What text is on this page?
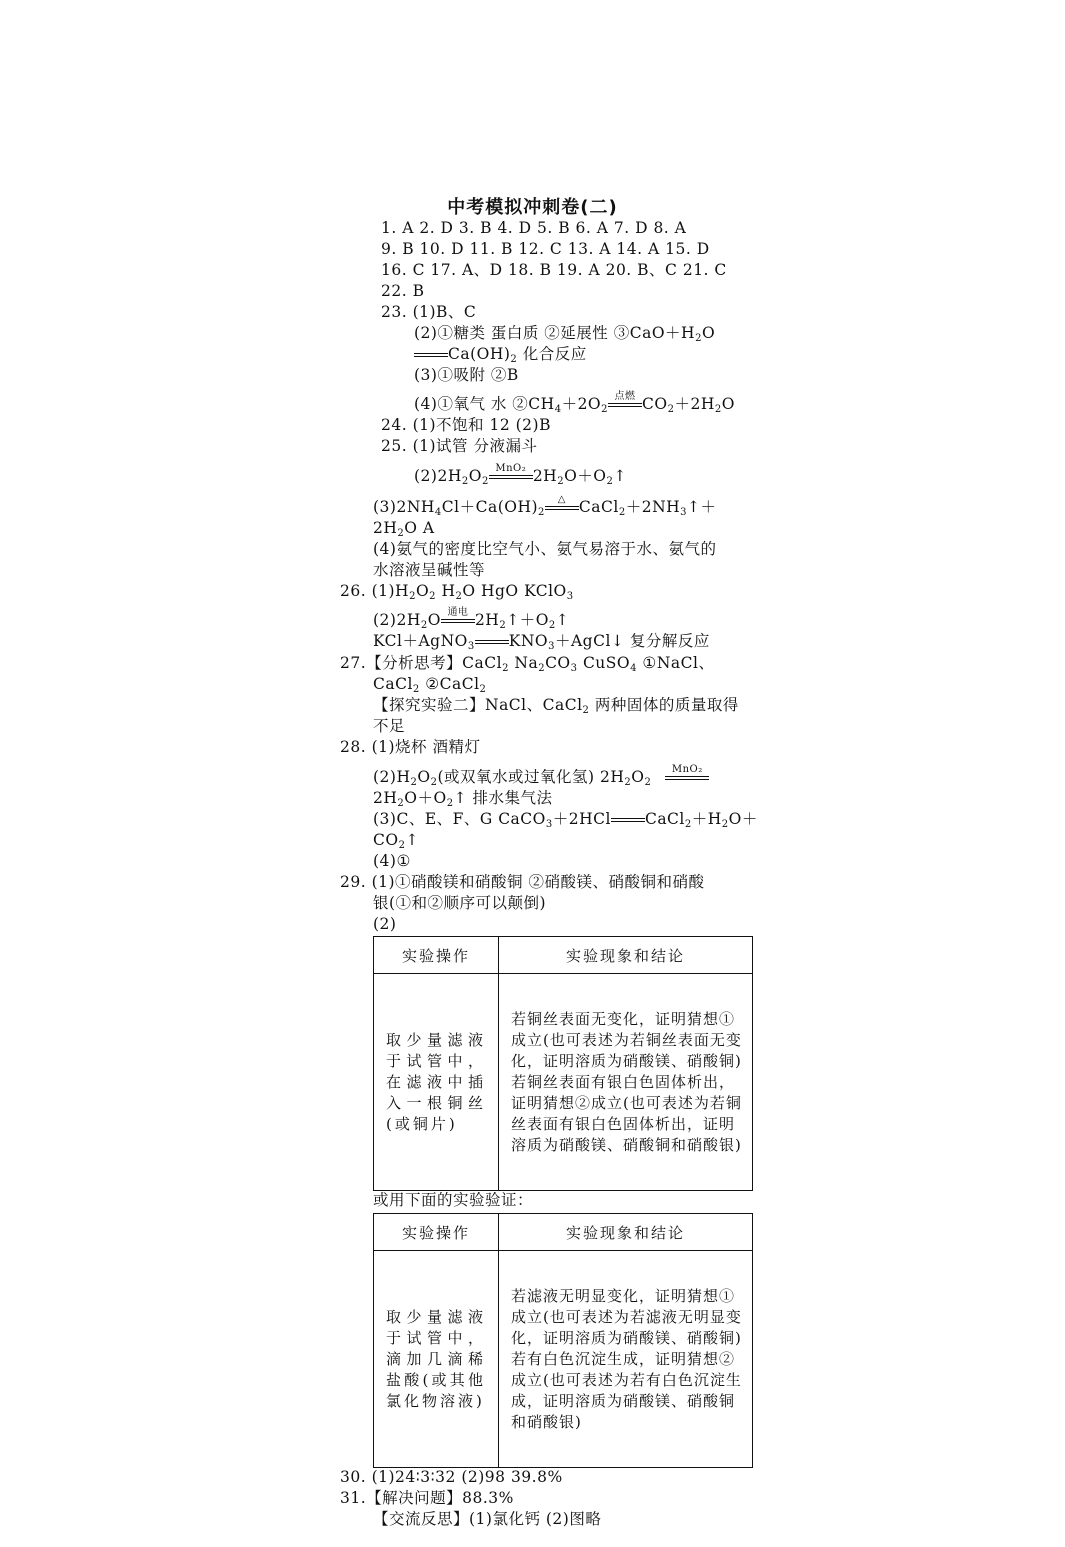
中考模拟冲刺卷(二)
1. A 2. D 3. B 4. D 5. B 6. A 7. D 8. A
9. B 10. D 11. B 12. C 13. A 14. A 15. D
16. C 17. A、D 18. B 19. A 20. B、C 21. C
22. B
23. (1)B、C
(2)①糖类 蛋白质 ②延展性 $③CaO+H_2O$
$Ca(OH)_2$ 化合反应
(3)①吸附 ②B
(4)①氧气 水 $②CH_4+2O_2$
点燃 $CO_2+2H_2O$
24. (1)不饱和 12 (2)B
25. (1)试管 分液漏斗
$(2)2H_2O_2$
MnO₂ $2H_2O+O_2↑$
$(3)2NH_4Cl+Ca(OH)_2$
△ $CaCl_2+2NH_3↑+$
$2H_2O$ A
(4)氨气的密度比空气小、氨气易溶于水、氨气的
水溶液呈碱性等
26. $(1)H_2O_2$ $H_2O$ HgO KClO$_3$
$(2)2H_2O$ 通电 $2H_2↑+O_2↑$
KCl＋AgNO$_3$ $KNO_3+AgCl↓$ 复分解反应
27.【分析思考】CaCl$_2$ $Na_2CO_3$ CuSO$_4$ ①NaCl、
CaCl$_2$ ②CaCl$_2$
【探究实验二】NaCl、CaCl$_2$ 两种固体的质量取得
不足
28. (1)烧杯 酒精灯
$(2)H_2O_2$(或双氧水或过氧化氢) $2H_2O_2$
MnO₂
$2H_2O+O_2↑$ 排水集气法
(3)C、E、F、G CaCO$_3$＋2HCl $CaCl_2+H_2O+$
$CO_2↑$
(4)①
29. (1)①硝酸镁和硝酸铜 ②硝酸镁、硝酸铜和硝酸
银(①和②顺序可以颠倒)
(2)
实验操作	实验现象和结论
取少量滤液于试管中，在滤液中插入一根铜丝(或铜片)	若铜丝表面无变化，证明猜想①成立(也可表述为若铜丝表面无变化，证明溶质为硝酸镁、硝酸铜)
若铜丝表面有银白色固体析出，证明猜想②成立(也可表述为若铜丝表面有银白色固体析出，证明溶质为硝酸镁、硝酸铜和硝酸银)
或用下面的实验验证：
实验操作	实验现象和结论
取少量滤液于试管中，滴加几滴稀盐酸(或其他氯化物溶液)	若滤液无明显变化，证明猜想①成立(也可表述为若滤液无明显变化，证明溶质为硝酸镁、硝酸铜)
若有白色沉淀生成，证明猜想②成立(也可表述为若有白色沉淀生成，证明溶质为硝酸镁、硝酸铜和硝酸银)
30. (1)24∶3∶32 (2)98 39.8%
31.【解决问题】88.3%
【交流反思】(1)氯化钙 (2)图略
